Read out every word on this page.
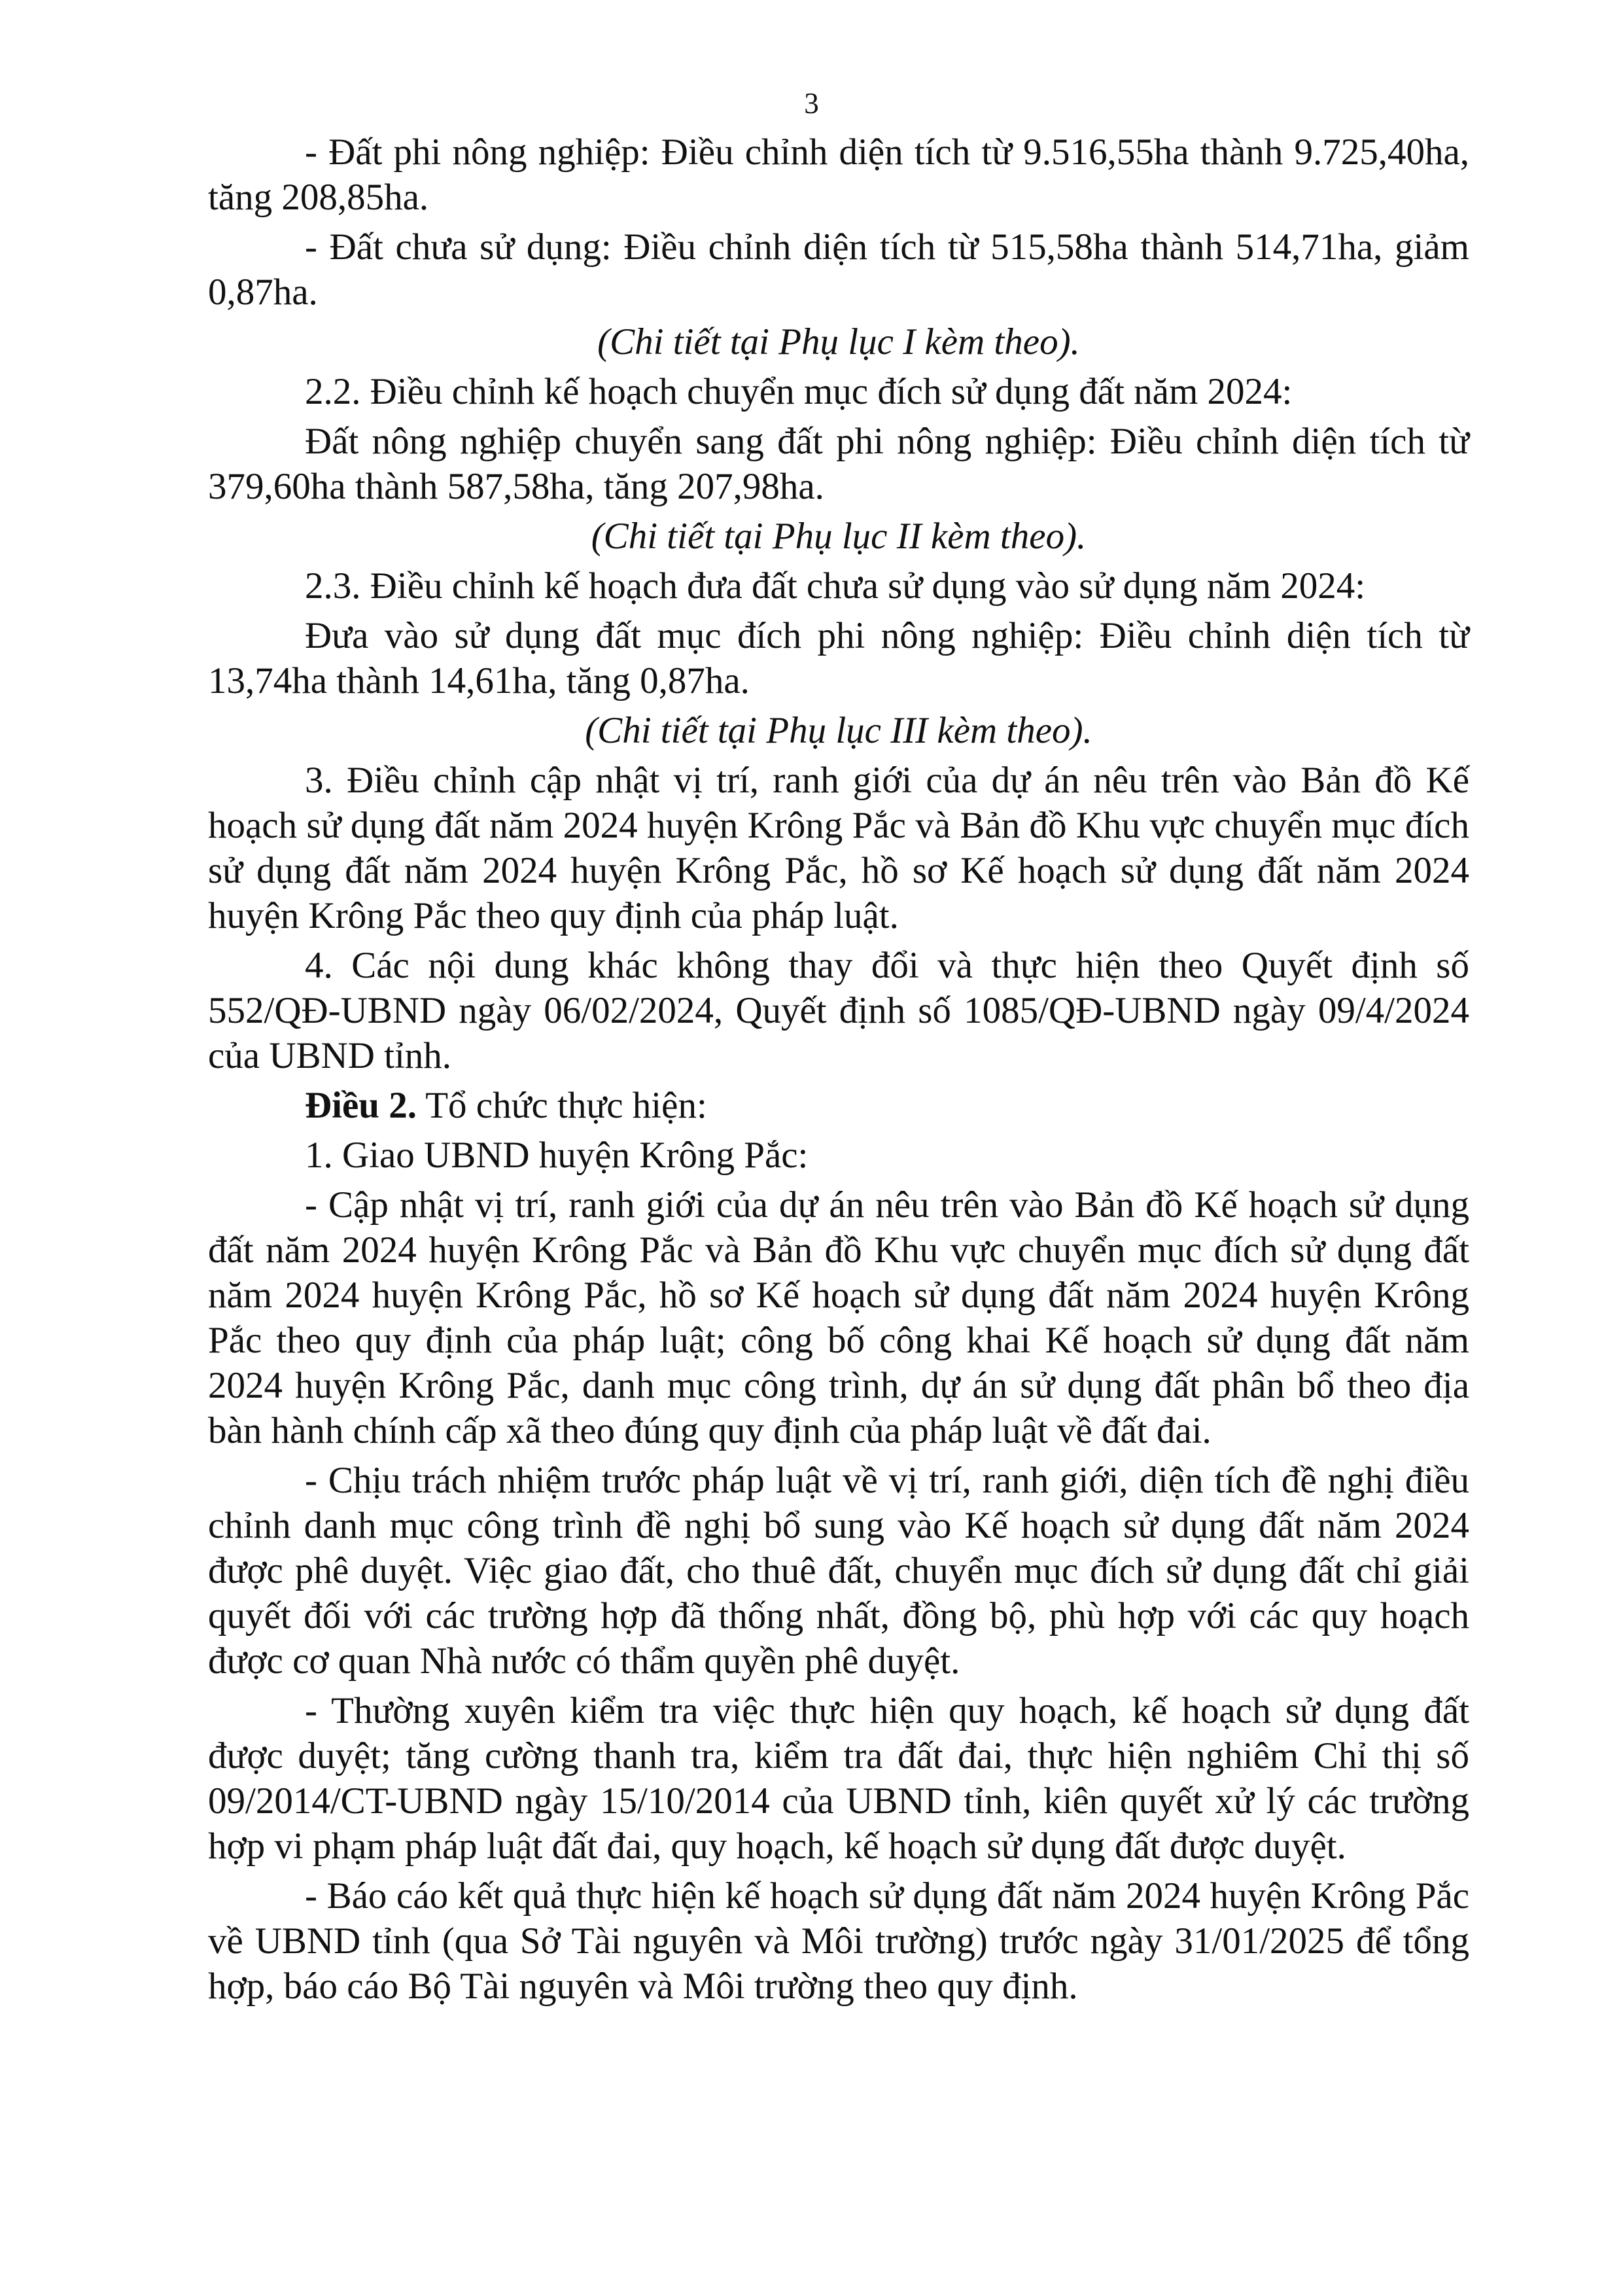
3

- Đất phi nông nghiệp: Điều chỉnh diện tích từ 9.516,55ha thành 9.725,40ha, tăng 208,85ha.

- Đất chưa sử dụng: Điều chỉnh diện tích từ 515,58ha thành 514,71ha, giảm 0,87ha.

(Chi tiết tại Phụ lục I kèm theo).

2.2. Điều chỉnh kế hoạch chuyển mục đích sử dụng đất năm 2024:

Đất nông nghiệp chuyển sang đất phi nông nghiệp: Điều chỉnh diện tích từ 379,60ha thành 587,58ha, tăng 207,98ha.

(Chi tiết tại Phụ lục II kèm theo).

2.3. Điều chỉnh kế hoạch đưa đất chưa sử dụng vào sử dụng năm 2024:

Đưa vào sử dụng đất mục đích phi nông nghiệp: Điều chỉnh diện tích từ 13,74ha thành 14,61ha, tăng 0,87ha.

(Chi tiết tại Phụ lục III kèm theo).

3. Điều chỉnh cập nhật vị trí, ranh giới của dự án nêu trên vào Bản đồ Kế hoạch sử dụng đất năm 2024 huyện Krông Pắc và Bản đồ Khu vực chuyển mục đích sử dụng đất năm 2024 huyện Krông Pắc, hồ sơ Kế hoạch sử dụng đất năm 2024 huyện Krông Pắc theo quy định của pháp luật.

4. Các nội dung khác không thay đổi và thực hiện theo Quyết định số 552/QĐ-UBND ngày 06/02/2024, Quyết định số 1085/QĐ-UBND ngày 09/4/2024 của UBND tỉnh.

Điều 2. Tổ chức thực hiện:

1. Giao UBND huyện Krông Pắc:

- Cập nhật vị trí, ranh giới của dự án nêu trên vào Bản đồ Kế hoạch sử dụng đất năm 2024 huyện Krông Pắc và Bản đồ Khu vực chuyển mục đích sử dụng đất năm 2024 huyện Krông Pắc, hồ sơ Kế hoạch sử dụng đất năm 2024 huyện Krông Pắc theo quy định của pháp luật; công bố công khai Kế hoạch sử dụng đất năm 2024 huyện Krông Pắc, danh mục công trình, dự án sử dụng đất phân bổ theo địa bàn hành chính cấp xã theo đúng quy định của pháp luật về đất đai.

- Chịu trách nhiệm trước pháp luật về vị trí, ranh giới, diện tích đề nghị điều chỉnh danh mục công trình đề nghị bổ sung vào Kế hoạch sử dụng đất năm 2024 được phê duyệt. Việc giao đất, cho thuê đất, chuyển mục đích sử dụng đất chỉ giải quyết đối với các trường hợp đã thống nhất, đồng bộ, phù hợp với các quy hoạch được cơ quan Nhà nước có thẩm quyền phê duyệt.

- Thường xuyên kiểm tra việc thực hiện quy hoạch, kế hoạch sử dụng đất được duyệt; tăng cường thanh tra, kiểm tra đất đai, thực hiện nghiêm Chỉ thị số 09/2014/CT-UBND ngày 15/10/2014 của UBND tỉnh, kiên quyết xử lý các trường hợp vi phạm pháp luật đất đai, quy hoạch, kế hoạch sử dụng đất được duyệt.

- Báo cáo kết quả thực hiện kế hoạch sử dụng đất năm 2024 huyện Krông Pắc về UBND tỉnh (qua Sở Tài nguyên và Môi trường) trước ngày 31/01/2025 để tổng hợp, báo cáo Bộ Tài nguyên và Môi trường theo quy định.
